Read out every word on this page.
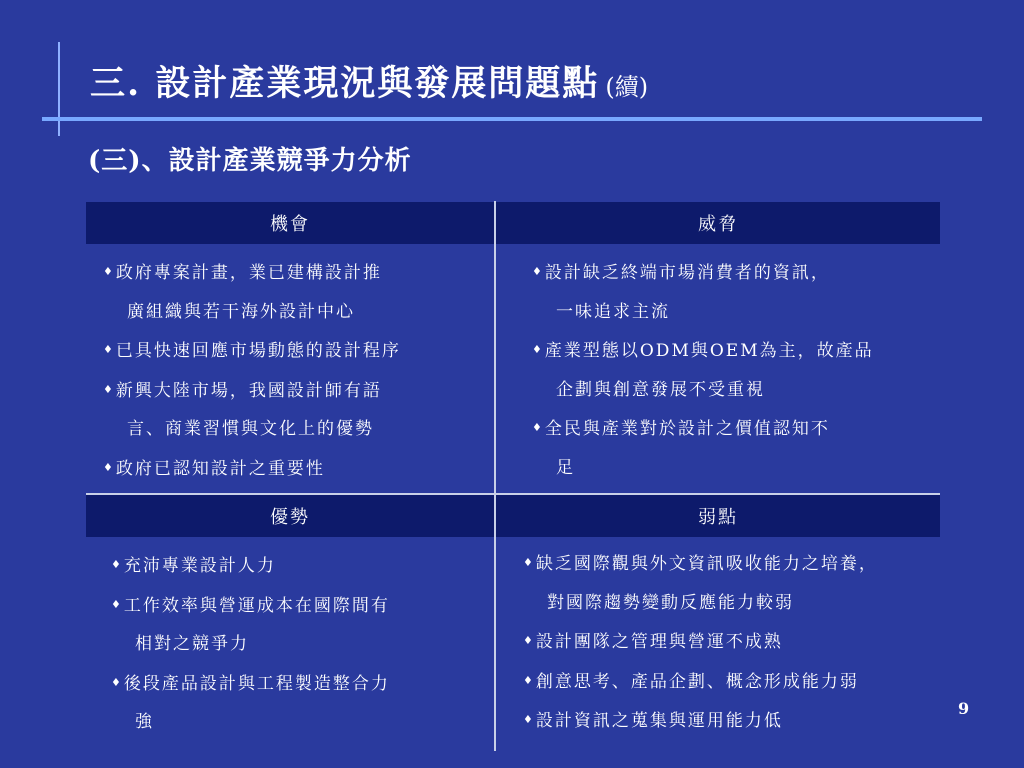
三. 設計產業現況與發展問題點 (續)
(三)、設計產業競爭力分析
機會	威脅
優勢	弱點
♦政府專案計畫，業已建構設計推
廣組織與若干海外設計中心
♦已具快速回應市場動態的設計程序
♦新興大陸市場，我國設計師有語
言、商業習慣與文化上的優勢
♦政府已認知設計之重要性
♦設計缺乏終端市場消費者的資訊，
一味追求主流
♦產業型態以ODM與OEM為主，故產品
企劃與創意發展不受重視
♦全民與產業對於設計之價值認知不
足
♦充沛專業設計人力
♦工作效率與營運成本在國際間有
相對之競爭力
♦後段產品設計與工程製造整合力
強
♦缺乏國際觀與外文資訊吸收能力之培養，
對國際趨勢變動反應能力較弱
♦設計團隊之管理與營運不成熟
♦創意思考、產品企劃、概念形成能力弱
♦設計資訊之蒐集與運用能力低
9
